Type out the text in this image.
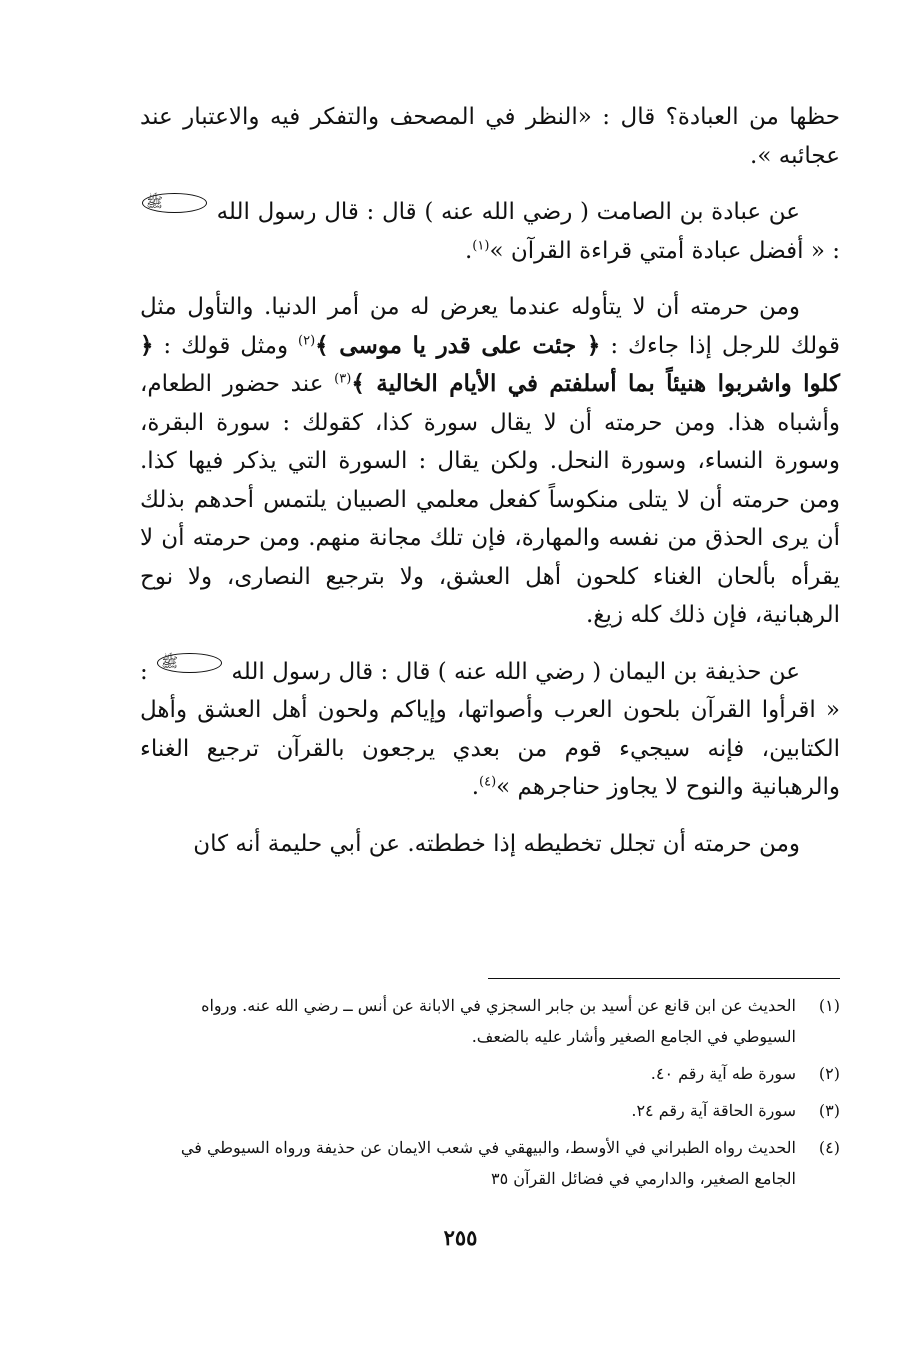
حظها من العبادة؟ قال : «النظر في المصحف والتفكر فيه والاعتبار عند عجائبه ».

عن عبادة بن الصامت ( رضي الله عنه ) قال : قال رسول الله ﷺ : « أفضل عبادة أمتي قراءة القرآن »$^{(١)}$.

ومن حرمته أن لا يتأوله عندما يعرض له من أمر الدنيا. والتأول مثل قولك للرجل إذا جاءك : ﴿ جئت على قدر يا موسى ﴾$^{(٢)}$ ومثل قولك : ﴿ كلوا واشربوا هنيئاً بما أسلفتم في الأيام الخالية ﴾$^{(٣)}$ عند حضور الطعام، وأشباه هذا. ومن حرمته أن لا يقال سورة كذا، كقولك : سورة البقرة، وسورة النساء، وسورة النحل. ولكن يقال : السورة التي يذكر فيها كذا. ومن حرمته أن لا يتلى منكوساً كفعل معلمي الصبيان يلتمس أحدهم بذلك أن يرى الحذق من نفسه والمهارة، فإن تلك مجانة منهم. ومن حرمته أن لا يقرأه بألحان الغناء كلحون أهل العشق، ولا بترجيع النصارى، ولا نوح الرهبانية، فإن ذلك كله زيغ.

عن حذيفة بن اليمان ( رضي الله عنه ) قال : قال رسول الله ﷺ : « اقرأوا القرآن بلحون العرب وأصواتها، وإياكم ولحون أهل العشق وأهل الكتابين، فإنه سيجيء قوم من بعدي يرجعون بالقرآن ترجيع الغناء والرهبانية والنوح لا يجاوز حناجرهم »$^{(٤)}$.

ومن حرمته أن تجلل تخطيطه إذا خططته. عن أبي حليمة أنه كان

(١)
الحديث عن ابن قانع عن أسيد بن جابر السجزي في الابانة عن أنس ــ رضي الله عنه. ورواه السيوطي في الجامع الصغير وأشار عليه بالضعف.
(٢)
سورة طه آية رقم ٤٠.
(٣)
سورة الحاقة آية رقم ٢٤.
(٤)
الحديث رواه الطبراني في الأوسط، والبيهقي في شعب الايمان عن حذيفة ورواه السيوطي في الجامع الصغير، والدارمي في فضائل القرآن ٣٥
٢٥٥
